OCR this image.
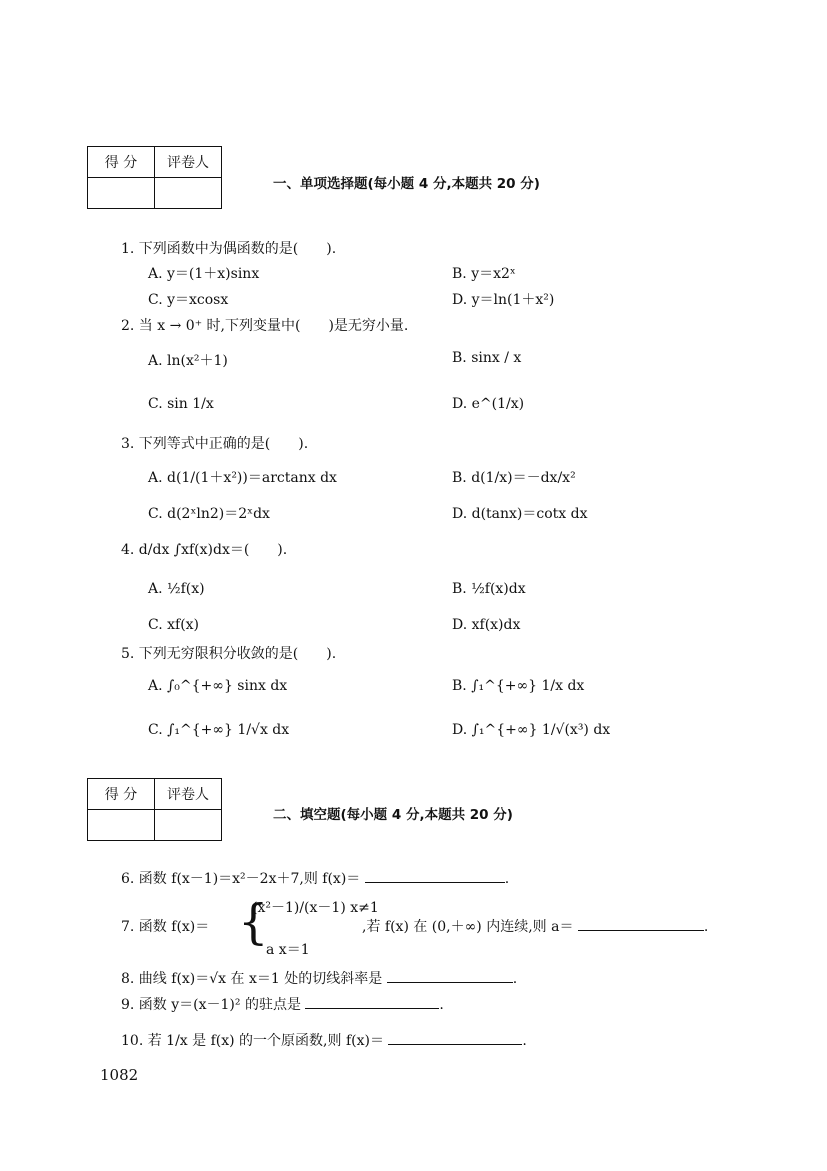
得 分	评卷人

一、单项选择题(每小题 4 分,本题共 20 分)
1. 下列函数中为偶函数的是(　　).
A. y＝(1＋x)sinx	B. y＝x2ˣ
C. y＝xcosx	D. y＝ln(1＋x²)
2. 当 x → 0⁺ 时,下列变量中(　　)是无穷小量.
A. ln(x²＋1)	B. sinx / x
C. sin 1/x	D. e^(1/x)
3. 下列等式中正确的是(　　).
A. d(1/(1＋x²))＝arctanx dx	B. d(1/x)＝－dx/x²
C. d(2ˣln2)＝2ˣdx	D. d(tanx)＝cotx dx
4. d/dx ∫xf(x)dx＝(　　).
A. ½f(x)	B. ½f(x)dx
C. xf(x)	D. xf(x)dx
5. 下列无穷限积分收敛的是(　　).
A. ∫₀^{+∞} sinx dx	B. ∫₁^{+∞} 1/x dx
C. ∫₁^{+∞} 1/√x dx	D. ∫₁^{+∞} 1/√(x³) dx
得 分	评卷人

二、填空题(每小题 4 分,本题共 20 分)
6. 函数 f(x－1)＝x²－2x＋7,则 f(x)＝	.
7. 函数 f(x)＝ {
(x²－1)/(x－1) x≠1
a x＝1
,若 f(x) 在 (0,＋∞) 内连续,则 a＝	.
8. 曲线 f(x)＝√x 在 x＝1 处的切线斜率是	.
9. 函数 y＝(x－1)² 的驻点是	.
10. 若 1/x 是 f(x) 的一个原函数,则 f(x)＝	.
1082
